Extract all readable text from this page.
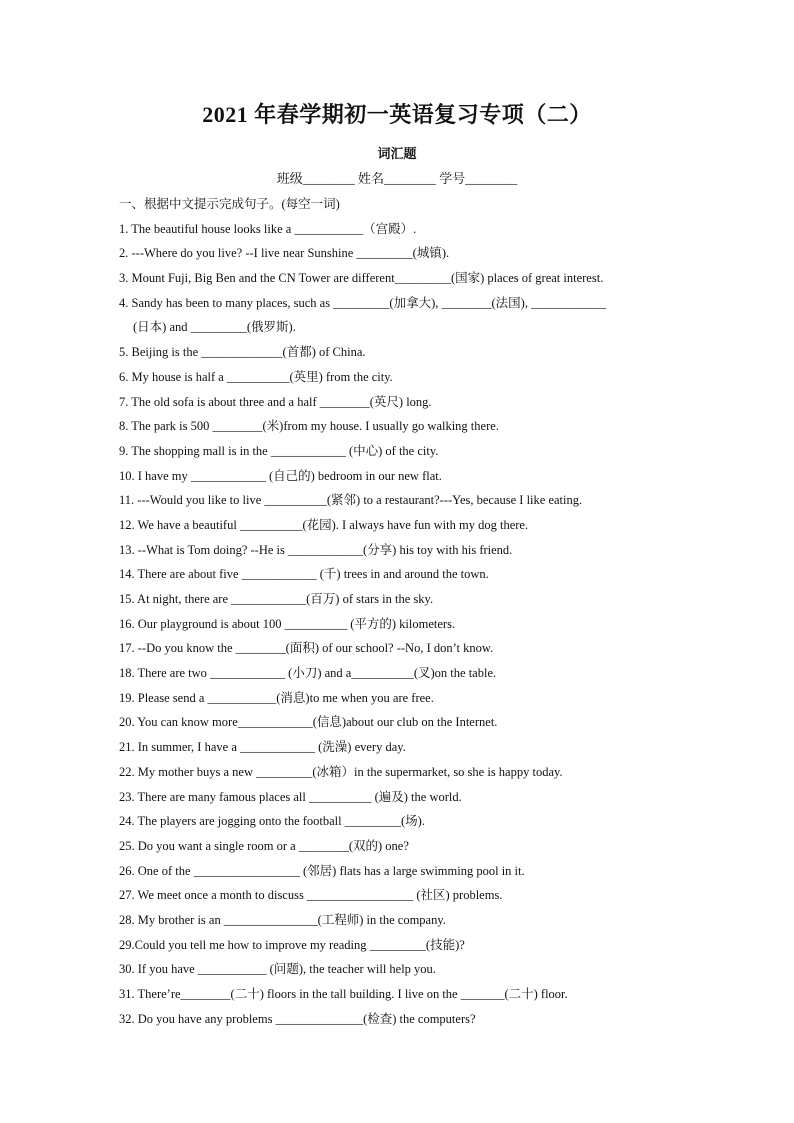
2021 年春学期初一英语复习专项（二）
词汇题
班级________ 姓名________ 学号________
一、根据中文提示完成句子。(每空一词)
1. The beautiful house looks like a ___________（宫殿）.
2. ---Where do you live? --I live near Sunshine _________(城镇).
3. Mount Fuji, Big Ben and the CN Tower are different_________(国家) places of great interest.
4. Sandy has been to many places, such as _________(加拿大), ________(法国), ____________
(日本) and _________(俄罗斯).
5. Beijing is the _____________(首都) of China.
6. My house is half a __________(英里) from the city.
7. The old sofa is about three and a half ________(英尺) long.
8. The park is 500 ________(米)from my house. I usually go walking there.
9. The shopping mall is in the ____________ (中心) of the city.
10. I have my ____________ (自己的) bedroom in our new flat.
11. ---Would you like to live __________(紧邻) to a restaurant?---Yes, because I like eating.
12. We have a beautiful __________(花园). I always have fun with my dog there.
13. --What is Tom doing? --He is ____________(分享) his toy with his friend.
14. There are about five ____________ (千) trees in and around the town.
15. At night, there are ____________(百万) of stars in the sky.
16. Our playground is about 100 __________ (平方的) kilometers.
17. --Do you know the ________(面积) of our school? --No, I don’t know.
18. There are two ____________ (小刀) and a__________(叉)on the table.
19. Please send a ___________(消息)to me when you are free.
20. You can know more____________(信息)about our club on the Internet.
21. In summer, I have a ____________ (洗澡) every day.
22. My mother buys a new _________(冰箱）in the supermarket, so she is happy today.
23. There are many famous places all __________ (遍及) the world.
24. The players are jogging onto the football _________(场).
25. Do you want a single room or a ________(双的) one?
26. One of the _________________ (邻居) flats has a large swimming pool in it.
27. We meet once a month to discuss _________________ (社区) problems.
28. My brother is an _______________(工程师) in the company.
29.Could you tell me how to improve my reading _________(技能)?
30. If you have ___________ (问题), the teacher will help you.
31. There’re________(二十) floors in the tall building. I live on the _______(二十) floor.
32. Do you have any problems ______________(检查) the computers?
